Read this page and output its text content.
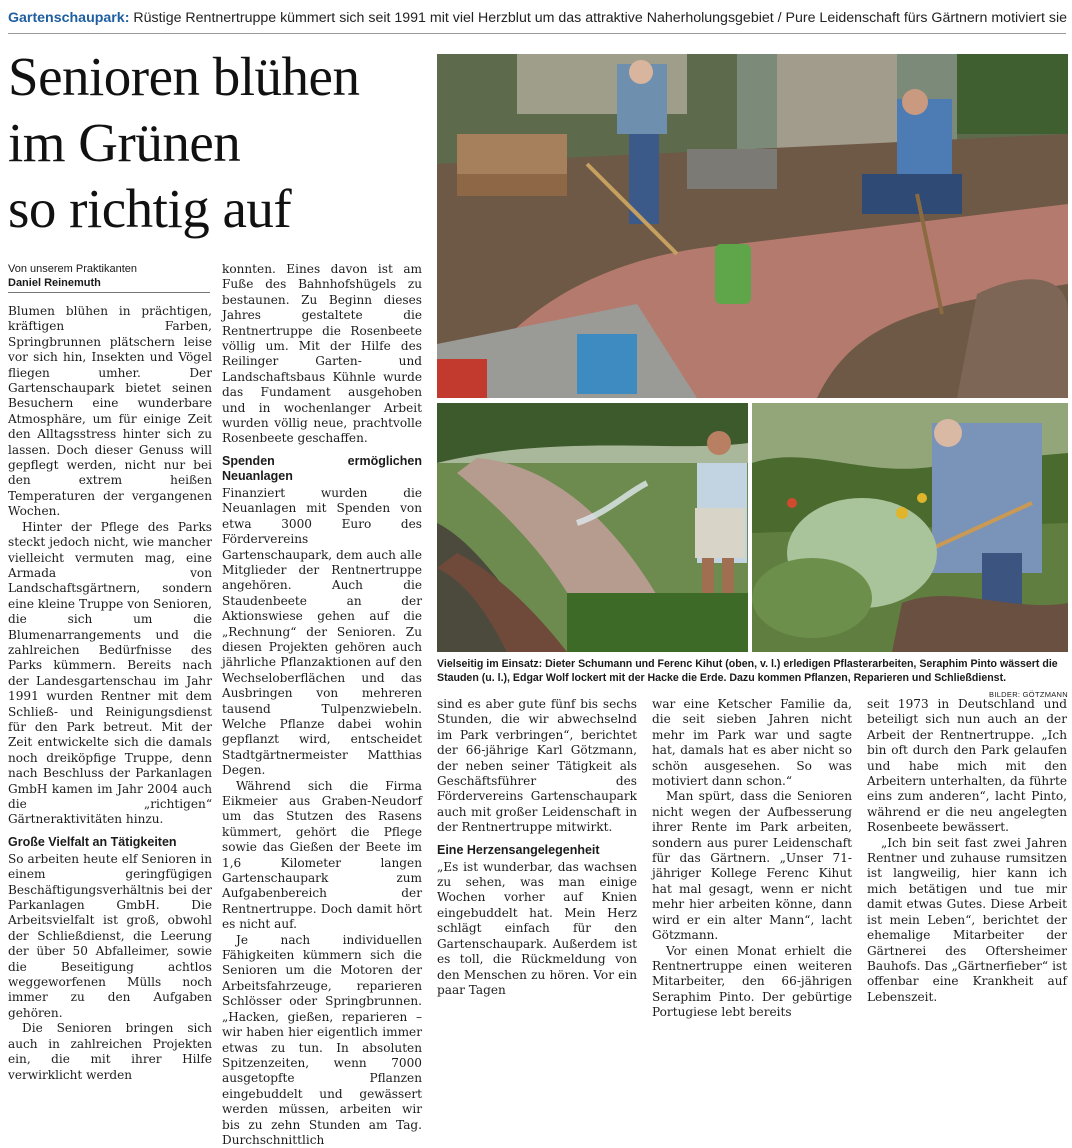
Gartenschaupark: Rüstige Rentnertruppe kümmert sich seit 1991 mit viel Herzblut um das attraktive Naherholungsgebiet / Pure Leidenschaft fürs Gärtnern motiviert sie
Senioren blühen
im Grünen
so richtig auf
Von unserem Praktikanten
Daniel Reinemuth
Vielseitig im Einsatz: Dieter Schumann und Ferenc Kihut (oben, v. l.) erledigen Pflasterarbeiten, Seraphim Pinto wässert die Stauden (u. l.), Edgar Wolf lockert mit der Hacke die Erde. Dazu kommen Pflanzen, Reparieren und Schließdienst.
BILDER: GÖTZMANN

Blumen blühen in prächtigen, kräftigen Farben, Springbrunnen plätschern leise vor sich hin, Insekten und Vögel fliegen umher. Der Gartenschaupark bietet seinen Besuchern eine wunderbare Atmosphäre, um für einige Zeit den Alltagsstress hinter sich zu lassen. Doch dieser Genuss will gepflegt werden, nicht nur bei den extrem heißen Temperaturen der vergangenen Wochen.

Hinter der Pflege des Parks steckt jedoch nicht, wie mancher vielleicht vermuten mag, eine Armada von Landschaftsgärtnern, sondern eine kleine Truppe von Senioren, die sich um die Blumenarrangements und die zahlreichen Bedürfnisse des Parks kümmern. Bereits nach der Landesgartenschau im Jahr 1991 wurden Rentner mit dem Schließ- und Reinigungsdienst für den Park betreut. Mit der Zeit entwickelte sich die damals noch dreiköpfige Truppe, denn nach Beschluss der Parkanlagen GmbH kamen im Jahr 2004 auch die „richtigen“ Gärtneraktivitäten hinzu.

Große Vielfalt an Tätigkeiten

So arbeiten heute elf Senioren in einem geringfügigen Beschäftigungsverhältnis bei der Parkanlagen GmbH. Die Arbeitsvielfalt ist groß, obwohl der Schließdienst, die Leerung der über 50 Abfalleimer, sowie die Beseitigung achtlos weggeworfenen Mülls noch immer zu den Aufgaben gehören.

Die Senioren bringen sich auch in zahlreichen Projekten ein, die mit ihrer Hilfe verwirklicht werden

konnten. Eines davon ist am Fuße des Bahnhofshügels zu bestaunen. Zu Beginn dieses Jahres gestaltete die Rentnertruppe die Rosenbeete völlig um. Mit der Hilfe des Reilinger Garten- und Landschaftsbaus Kühnle wurde das Fundament ausgehoben und in wochenlanger Arbeit wurden völlig neue, prachtvolle Rosenbeete geschaffen.

Spenden ermöglichen Neuanlagen

Finanziert wurden die Neuanlagen mit Spenden von etwa 3000 Euro des Fördervereins Gartenschaupark, dem auch alle Mitglieder der Rentnertruppe angehören. Auch die Staudenbeete an der Aktionswiese gehen auf die „Rechnung“ der Senioren. Zu diesen Projekten gehören auch jährliche Pflanzaktionen auf den Wechseloberflächen und das Ausbringen von mehreren tausend Tulpenzwiebeln. Welche Pflanze dabei wohin gepflanzt wird, entscheidet Stadtgärtnermeister Matthias Degen.

Während sich die Firma Eikmeier aus Graben-Neudorf um das Stutzen des Rasens kümmert, gehört die Pflege sowie das Gießen der Beete im 1,6 Kilometer langen Gartenschaupark zum Aufgabenbereich der Rentnertruppe. Doch damit hört es nicht auf.

Je nach individuellen Fähigkeiten kümmern sich die Senioren um die Motoren der Arbeitsfahrzeuge, reparieren Schlösser oder Springbrunnen. „Hacken, gießen, reparieren – wir haben hier eigentlich immer etwas zu tun. In absoluten Spitzenzeiten, wenn 7000 ausgetopfte Pflanzen eingebuddelt und gewässert werden müssen, arbeiten wir bis zu zehn Stunden am Tag. Durchschnittlich

sind es aber gute fünf bis sechs Stunden, die wir abwechselnd im Park verbringen“, berichtet der 66-jährige Karl Götzmann, der neben seiner Tätigkeit als Geschäftsführer des Fördervereins Gartenschaupark auch mit großer Leidenschaft in der Rentnertruppe mitwirkt.

Eine Herzensangelegenheit

„Es ist wunderbar, das wachsen zu sehen, was man einige Wochen vorher auf Knien eingebuddelt hat. Mein Herz schlägt einfach für den Gartenschaupark. Außerdem ist es toll, die Rückmeldung von den Menschen zu hören. Vor ein paar Tagen

war eine Ketscher Familie da, die seit sieben Jahren nicht mehr im Park war und sagte hat, damals hat es aber nicht so schön ausgesehen. So was motiviert dann schon.“

Man spürt, dass die Senioren nicht wegen der Aufbesserung ihrer Rente im Park arbeiten, sondern aus purer Leidenschaft für das Gärtnern. „Unser 71-jähriger Kollege Ferenc Kihut hat mal gesagt, wenn er nicht mehr hier arbeiten könne, dann wird er ein alter Mann“, lacht Götzmann.

Vor einen Monat erhielt die Rentnertruppe einen weiteren Mitarbeiter, den 66-jährigen Seraphim Pinto. Der gebürtige Portugiese lebt bereits

seit 1973 in Deutschland und beteiligt sich nun auch an der Arbeit der Rentnertruppe. „Ich bin oft durch den Park gelaufen und habe mich mit den Arbeitern unterhalten, da führte eins zum anderen“, lacht Pinto, während er die neu angelegten Rosenbeete bewässert.

„Ich bin seit fast zwei Jahren Rentner und zuhause rumsitzen ist langweilig, hier kann ich mich betätigen und tue mir damit etwas Gutes. Diese Arbeit ist mein Leben“, berichtet der ehemalige Mitarbeiter der Gärtnerei des Oftersheimer Bauhofs. Das „Gärtnerfieber“ ist offenbar eine Krankheit auf Lebenszeit.
